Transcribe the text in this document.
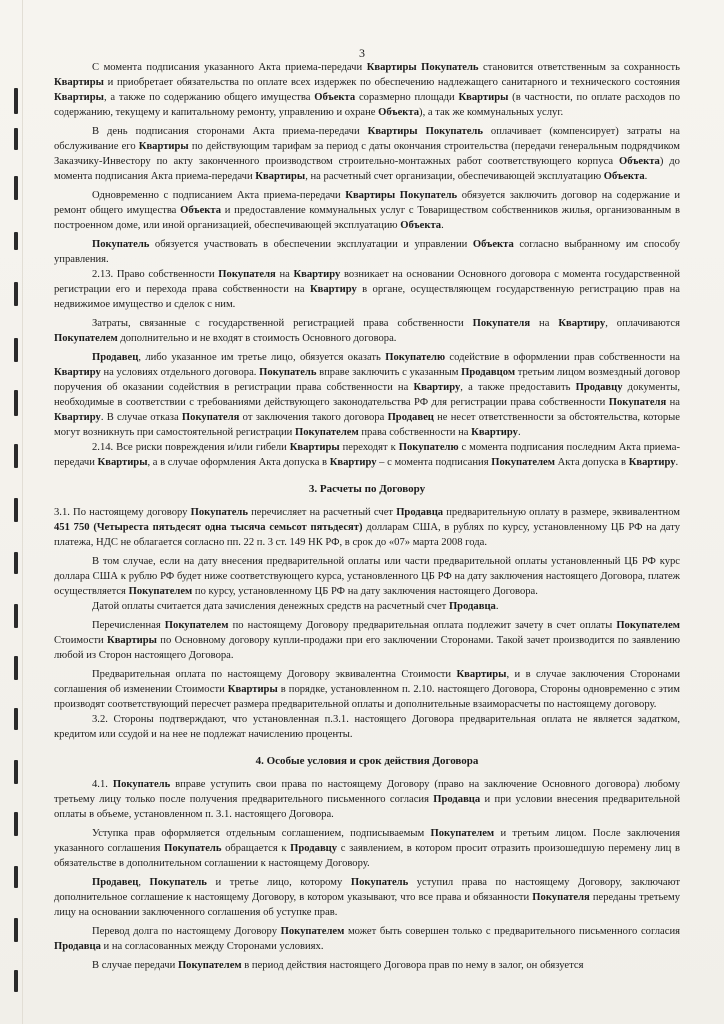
3

С момента подписания указанного Акта приема-передачи Квартиры Покупатель становится ответственным за сохранность Квартиры и приобретает обязательства по оплате всех издержек по обеспечению надлежащего санитарного и технического состояния Квартиры, а также по содержанию общего имущества Объекта соразмерно площади Квартиры (в частности, по оплате расходов по содержанию, текущему и капитальному ремонту, управлению и охране Объекта), а так же коммунальных услуг.

В день подписания сторонами Акта приема-передачи Квартиры Покупатель оплачивает (компенсирует) затраты на обслуживание его Квартиры по действующим тарифам за период с даты окончания строительства (передачи генеральным подрядчиком Заказчику-Инвестору по акту законченного производством строительно-монтажных работ соответствующего корпуса Объекта) до момента подписания Акта приема-передачи Квартиры, на расчетный счет организации, обеспечивающей эксплуатацию Объекта.

Одновременно с подписанием Акта приема-передачи Квартиры Покупатель обязуется заключить договор на содержание и ремонт общего имущества Объекта и предоставление коммунальных услуг с Товариществом собственников жилья, организованным в построенном доме, или иной организацией, обеспечивающей эксплуатацию Объекта.

Покупатель обязуется участвовать в обеспечении эксплуатации и управлении Объекта согласно выбранному им способу управления.

2.13. Право собственности Покупателя на Квартиру возникает на основании Основного договора с момента государственной регистрации его и перехода права собственности на Квартиру в органе, осуществляющем государственную регистрацию прав на недвижимое имущество и сделок с ним.

Затраты, связанные с государственной регистрацией права собственности Покупателя на Квартиру, оплачиваются Покупателем дополнительно и не входят в стоимость Основного договора.

Продавец, либо указанное им третье лицо, обязуется оказать Покупателю содействие в оформлении прав собственности на Квартиру на условиях отдельного договора. Покупатель вправе заключить с указанным Продавцом третьим лицом возмездный договор поручения об оказании содействия в регистрации права собственности на Квартиру, а также предоставить Продавцу документы, необходимые в соответствии с требованиями действующего законодательства РФ для регистрации права собственности Покупателя на Квартиру. В случае отказа Покупателя от заключения такого договора Продавец не несет ответственности за обстоятельства, которые могут возникнуть при самостоятельной регистрации Покупателем права собственности на Квартиру.

2.14. Все риски повреждения и/или гибели Квартиры переходят к Покупателю с момента подписания последним Акта приема-передачи Квартиры, а в случае оформления Акта допуска в Квартиру – с момента подписания Покупателем Акта допуска в Квартиру.

3. Расчеты по Договору

3.1. По настоящему договору Покупатель перечисляет на расчетный счет Продавца предварительную оплату в размере, эквивалентном 451 750 (Четыреста пятьдесят одна тысяча семьсот пятьдесят) долларам США, в рублях по курсу, установленному ЦБ РФ на дату платежа, НДС не облагается согласно пп. 22 п. 3 ст. 149 НК РФ, в срок до «07» марта 2008 года.

В том случае, если на дату внесения предварительной оплаты или части предварительной оплаты установленный ЦБ РФ курс доллара США к рублю РФ будет ниже соответствующего курса, установленного ЦБ РФ на дату заключения настоящего Договора, платеж осуществляется Покупателем по курсу, установленному ЦБ РФ на дату заключения настоящего Договора.

Датой оплаты считается дата зачисления денежных средств на расчетный счет Продавца.

Перечисленная Покупателем по настоящему Договору предварительная оплата подлежит зачету в счет оплаты Покупателем Стоимости Квартиры по Основному договору купли-продажи при его заключении Сторонами. Такой зачет производится по заявлению любой из Сторон настоящего Договора.

Предварительная оплата по настоящему Договору эквивалентна Стоимости Квартиры, и в случае заключения Сторонами соглашения об изменении Стоимости Квартиры в порядке, установленном п. 2.10. настоящего Договора, Стороны одновременно с этим производят соответствующий пересчет размера предварительной оплаты и дополнительные взаиморасчеты по настоящему договору.

3.2. Стороны подтверждают, что установленная п.3.1. настоящего Договора предварительная оплата не является задатком, кредитом или ссудой и на нее не подлежат начислению проценты.

4. Особые условия и срок действия Договора

4.1. Покупатель вправе уступить свои права по настоящему Договору (право на заключение Основного договора) любому третьему лицу только после получения предварительного письменного согласия Продавца и при условии внесения предварительной оплаты в объеме, установленном п. 3.1. настоящего Договора.

Уступка прав оформляется отдельным соглашением, подписываемым Покупателем и третьим лицом. После заключения указанного соглашения Покупатель обращается к Продавцу с заявлением, в котором просит отразить произошедшую перемену лиц в обязательстве в дополнительном соглашении к настоящему Договору.

Продавец, Покупатель и третье лицо, которому Покупатель уступил права по настоящему Договору, заключают дополнительное соглашение к настоящему Договору, в котором указывают, что все права и обязанности Покупателя переданы третьему лицу на основании заключенного соглашения об уступке прав.

Перевод долга по настоящему Договору Покупателем может быть совершен только с предварительного письменного согласия Продавца и на согласованных между Сторонами условиях.

В случае передачи Покупателем в период действия настоящего Договора прав по нему в залог, он обязуется
